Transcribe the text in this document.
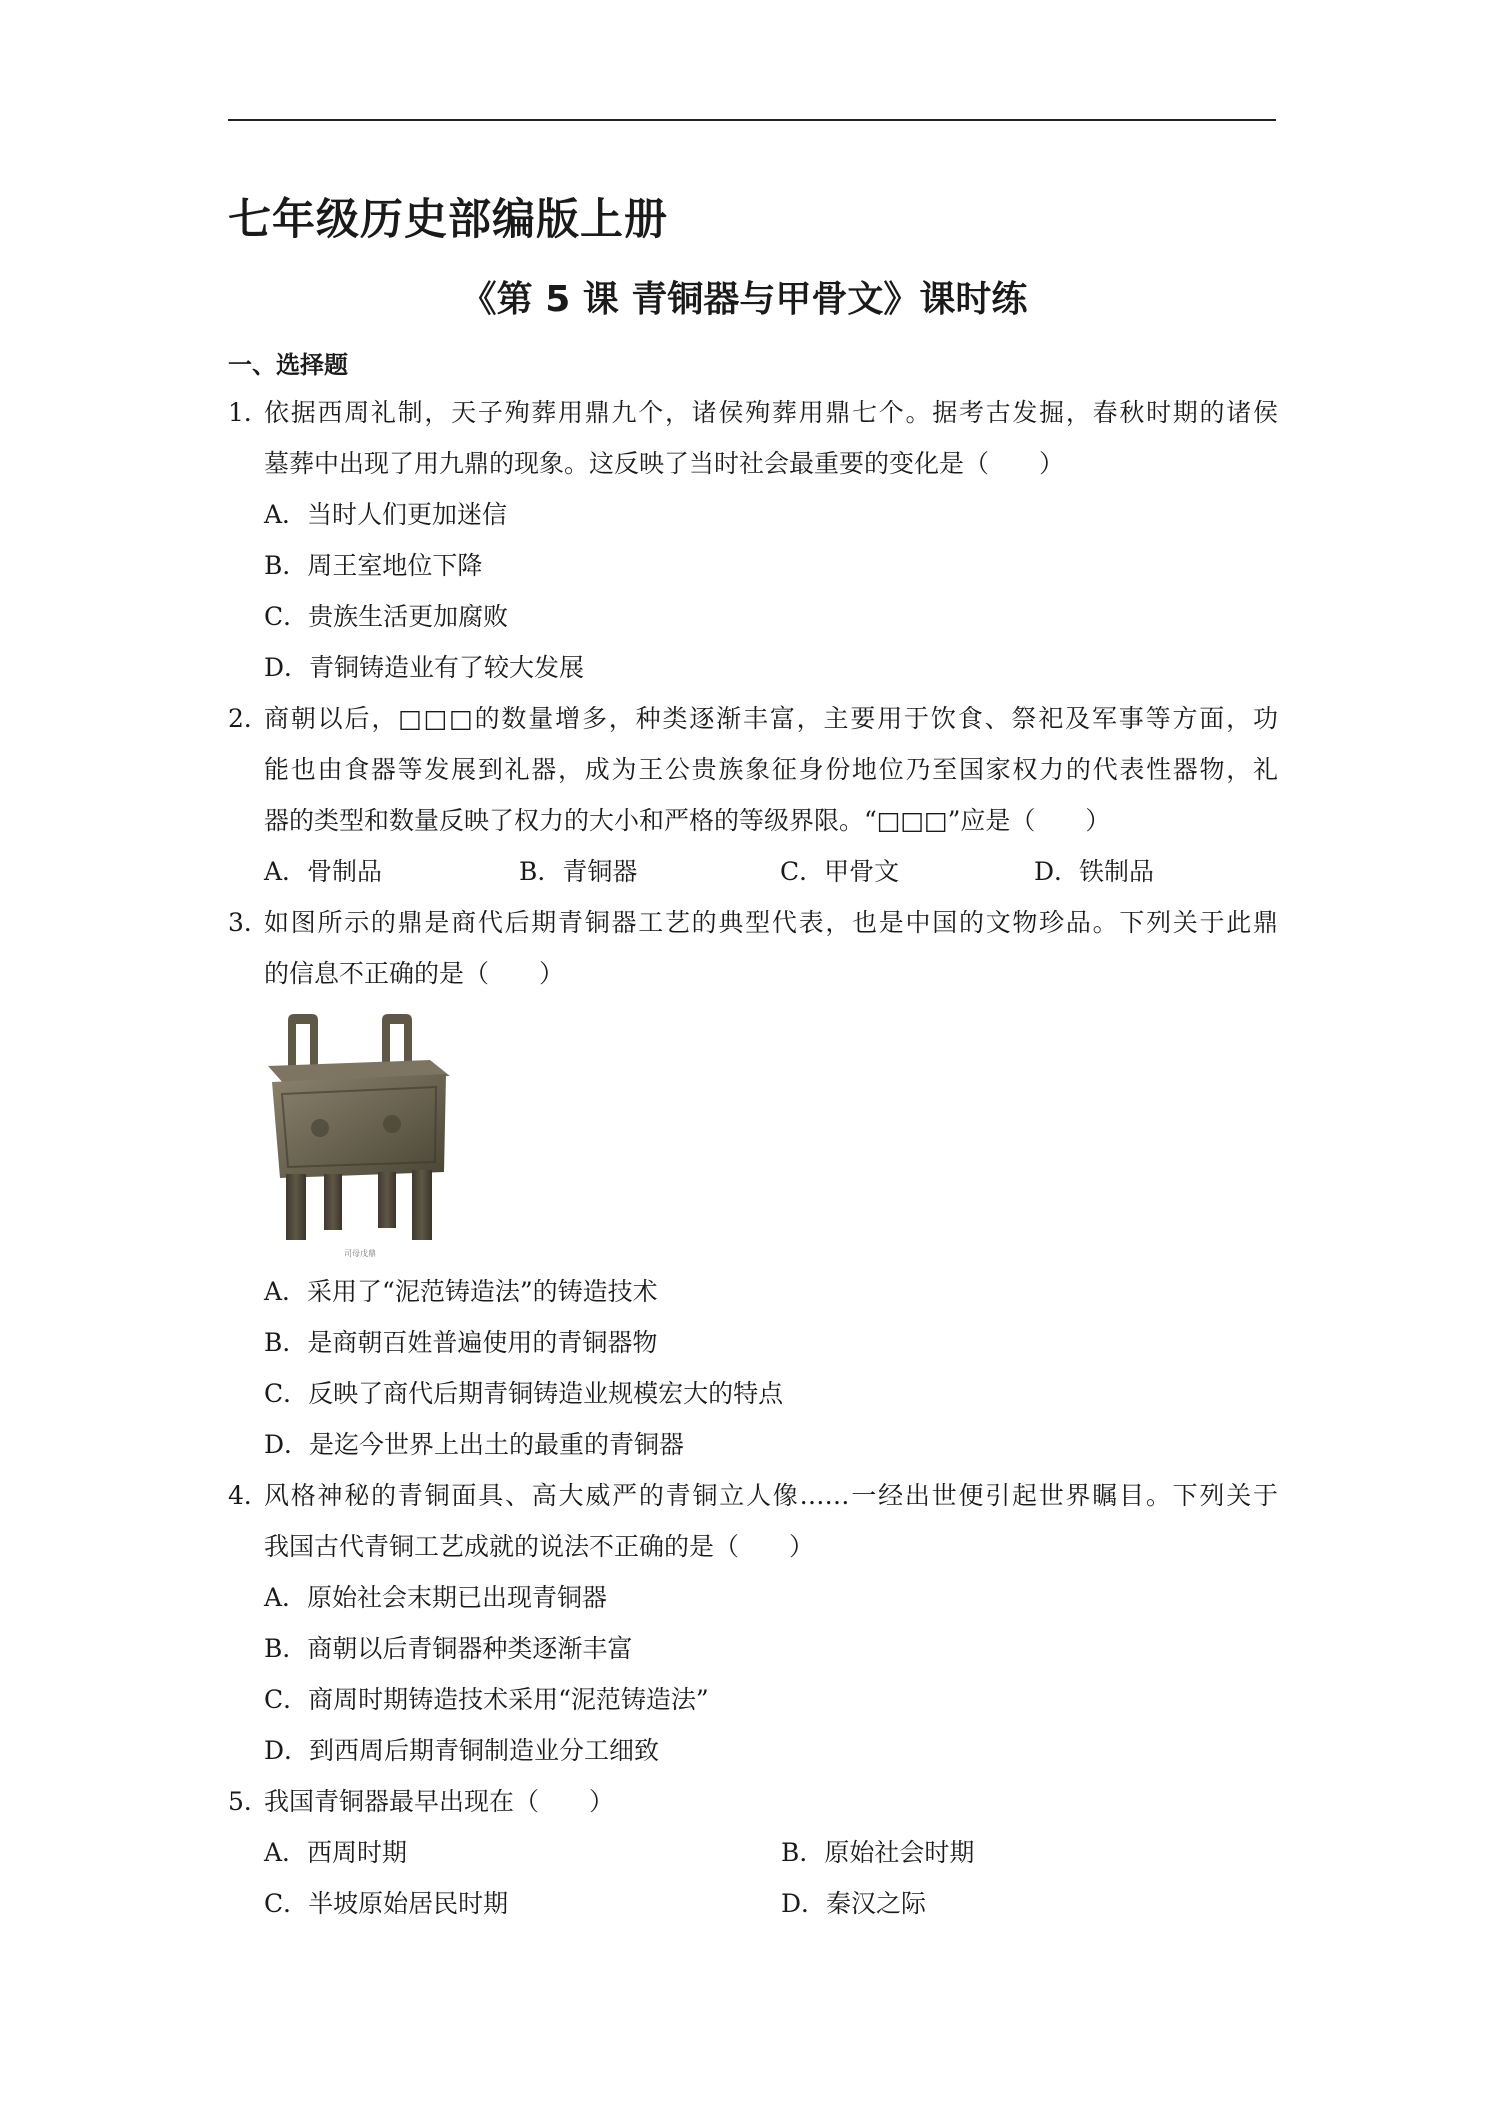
七年级历史部编版上册
《第 5 课 青铜器与甲骨文》课时练
一、选择题
1．
依据西周礼制，天子殉葬用鼎九个，诸侯殉葬用鼎七个。据考古发掘，春秋时期的诸侯
墓葬中出现了用九鼎的现象。这反映了当时社会最重要的变化是（　　）
A．当时人们更加迷信
B．周王室地位下降
C．贵族生活更加腐败
D．青铜铸造业有了较大发展
2．
商朝以后，□□□的数量增多，种类逐渐丰富，主要用于饮食、祭祀及军事等方面，功
能也由食器等发展到礼器，成为王公贵族象征身份地位乃至国家权力的代表性器物，礼
器的类型和数量反映了权力的大小和严格的等级界限。“□□□”应是（　　）
A．骨制品	B．青铜器	C．甲骨文	D．铁制品
3．
如图所示的鼎是商代后期青铜器工艺的典型代表，也是中国的文物珍品。下列关于此鼎
的信息不正确的是（　　）
司母戊鼎
A．采用了“泥范铸造法”的铸造技术
B．是商朝百姓普遍使用的青铜器物
C．反映了商代后期青铜铸造业规模宏大的特点
D．是迄今世界上出土的最重的青铜器
4．
风格神秘的青铜面具、高大威严的青铜立人像……一经出世便引起世界瞩目。下列关于
我国古代青铜工艺成就的说法不正确的是（　　）
A．原始社会末期已出现青铜器
B．商朝以后青铜器种类逐渐丰富
C．商周时期铸造技术采用“泥范铸造法”
D．到西周后期青铜制造业分工细致
5．
我国青铜器最早出现在（　　）
A．西周时期	B．原始社会时期
C．半坡原始居民时期	D．秦汉之际
